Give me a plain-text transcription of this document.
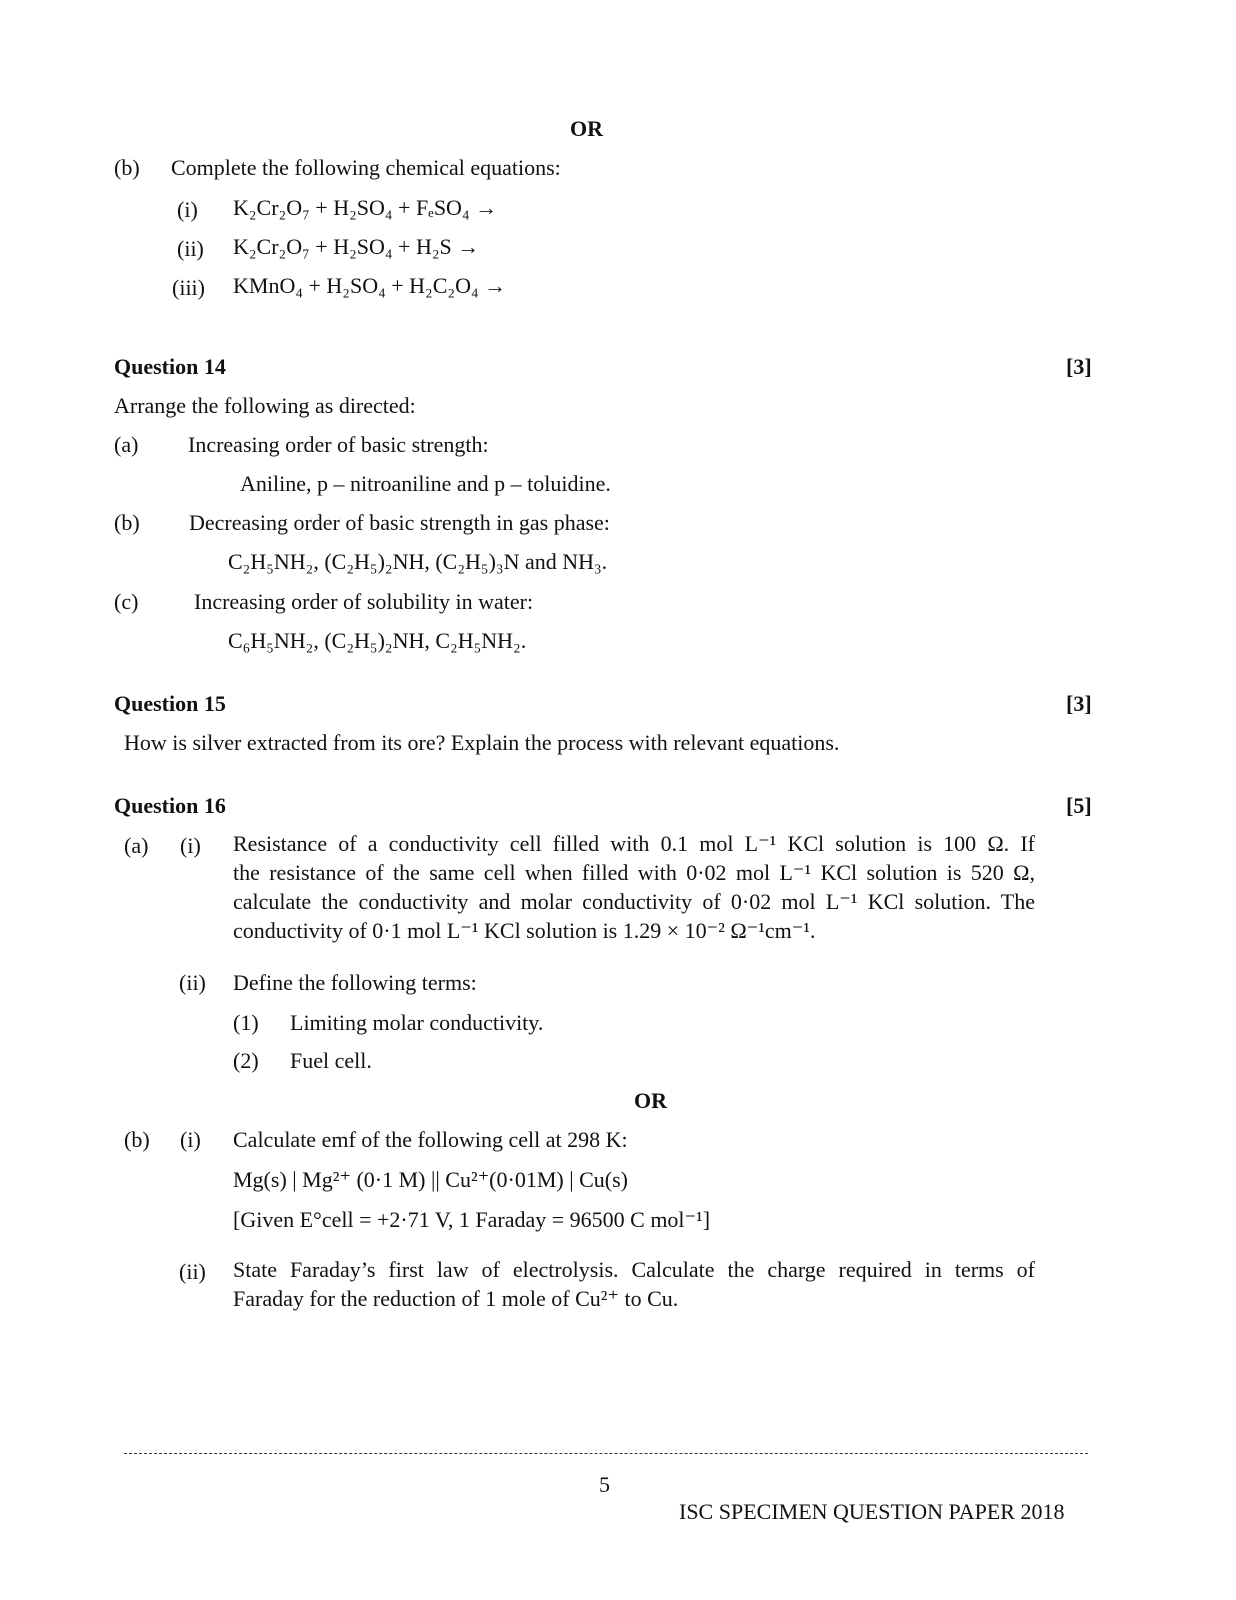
OR
(b) Complete the following chemical equations:
(i) K₂Cr₂O₇ + H₂SO₄ + FₑSO₄ →
(ii) K₂Cr₂O₇ + H₂SO₄ + H₂S →
(iii) KMnO₄ + H₂SO₄ + H₂C₂O₄ →
Question 14	[3]
Arrange the following as directed:
(a) Increasing order of basic strength:
Aniline, p – nitroaniline and p – toluidine.
(b) Decreasing order of basic strength in gas phase:
C₂H₅NH₂, (C₂H₅)₂NH, (C₂H₅)₃N and NH₃.
(c)	Increasing order of solubility in water:
C₆H₅NH₂, (C₂H₅)₂NH, C₂H₅NH₂.
Question 15	[3]
How is silver extracted from its ore? Explain the process with relevant equations.
Question 16	[5]
(a) (i) Resistance of a conductivity cell filled with 0.1 mol L⁻¹ KCl solution is 100 Ω. If
the resistance of the same cell when filled with 0·02 mol L⁻¹ KCl solution is 520 Ω,
calculate the conductivity and molar conductivity of 0·02 mol L⁻¹ KCl solution. The
conductivity of 0·1 mol L⁻¹ KCl solution is 1.29 × 10⁻² Ω⁻¹cm⁻¹.
(ii) Define the following terms:
(1) Limiting molar conductivity.
(2) Fuel cell.
OR
(b) (i) Calculate emf of the following cell at 298 K:
Mg(s) | Mg²⁺ (0·1 M) || Cu²⁺(0·01M) | Cu(s)
[Given E°cell = +2·71 V, 1 Faraday = 96500 C mol⁻¹]
(ii) State Faraday’s first law of electrolysis. Calculate the charge required in terms of
Faraday for the reduction of 1 mole of Cu²⁺ to Cu.
5
ISC SPECIMEN QUESTION PAPER 2018
